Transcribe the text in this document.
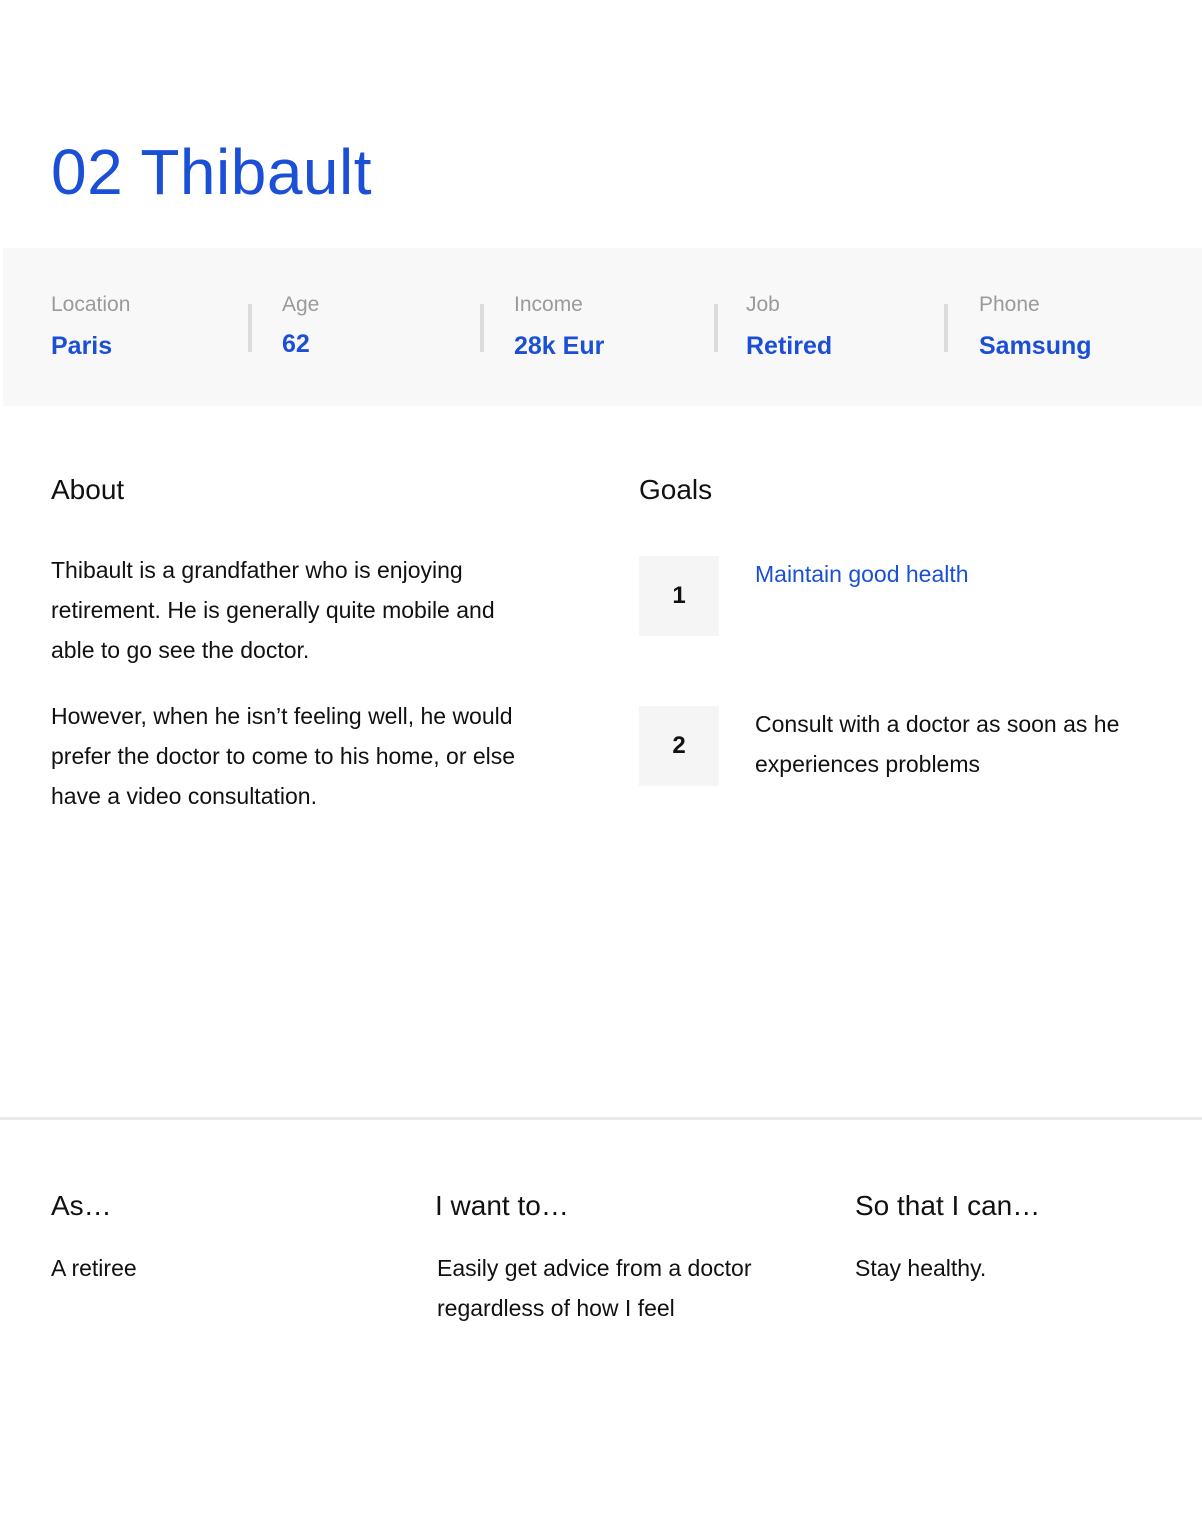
02 Thibault
Location
Paris
Age
62
Income
28k Eur
Job
Retired
Phone
Samsung
About

Thibault is a grandfather who is enjoying retirement. He is generally quite mobile and able to go see the doctor.

However, when he isn’t feeling well, he would prefer the doctor to come to his home, or else have a video consultation.

Goals
1

Maintain good health

2

Consult with a doctor as soon as he experiences problems

As…

A retiree

I want to…

Easily get advice from a doctor regardless of how I feel

So that I can…

Stay healthy.
